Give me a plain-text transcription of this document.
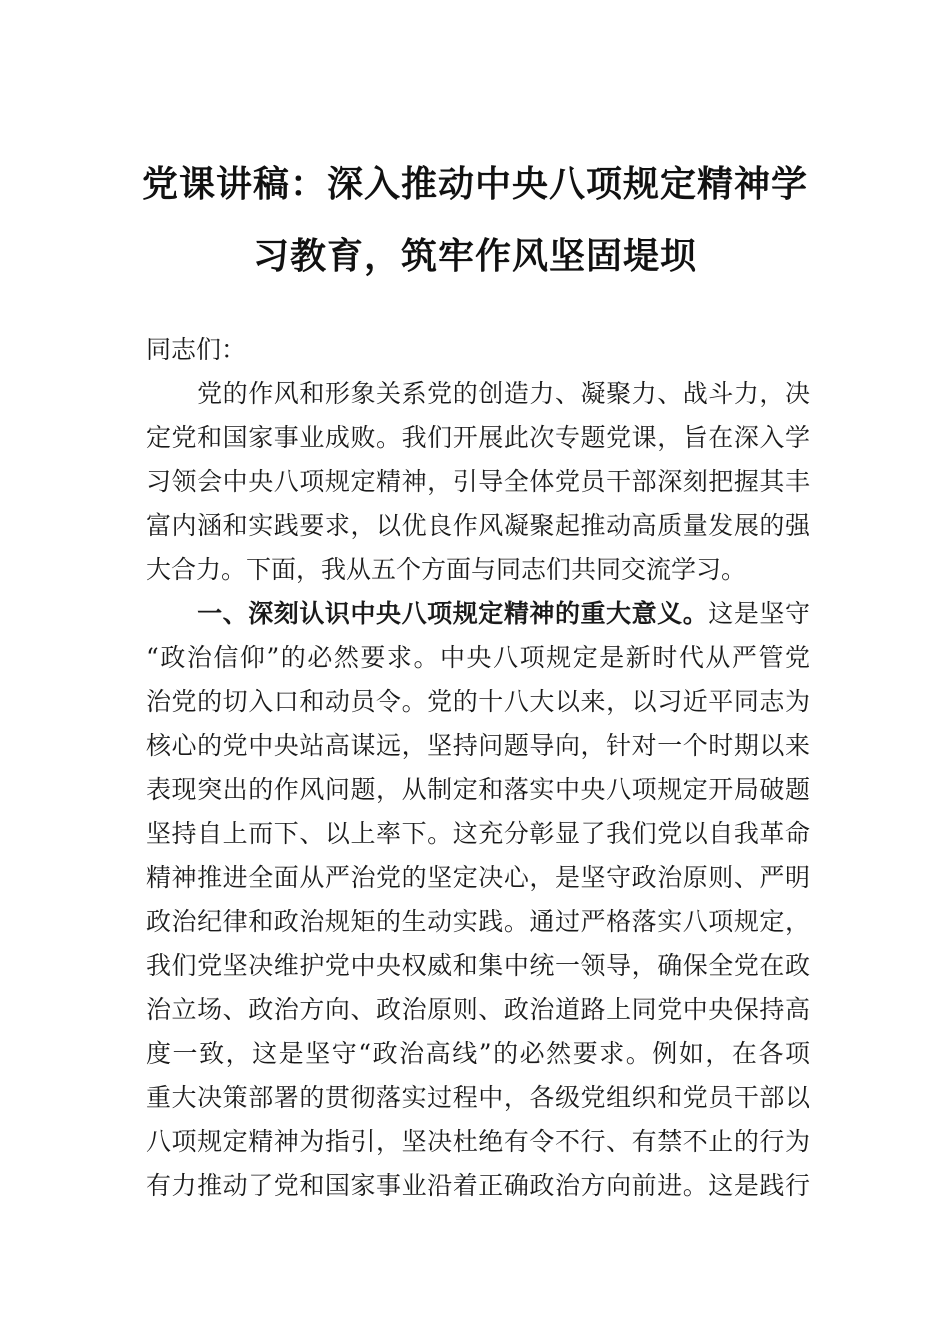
党课讲稿：深入推动中央八项规定精神学
习教育，筑牢作风坚固堤坝
同志们：
　　党的作风和形象关系党的创造力、凝聚力、战斗力，决
定党和国家事业成败。我们开展此次专题党课，旨在深入学
习领会中央八项规定精神，引导全体党员干部深刻把握其丰
富内涵和实践要求，以优良作风凝聚起推动高质量发展的强
大合力。下面，我从五个方面与同志们共同交流学习。
　　一、深刻认识中央八项规定精神的重大意义。这是坚守
“政治信仰”的必然要求。中央八项规定是新时代从严管党
治党的切入口和动员令。党的十八大以来，以习近平同志为
核心的党中央站高谋远，坚持问题导向，针对一个时期以来
表现突出的作风问题，从制定和落实中央八项规定开局破题
坚持自上而下、以上率下。这充分彰显了我们党以自我革命
精神推进全面从严治党的坚定决心，是坚守政治原则、严明
政治纪律和政治规矩的生动实践。通过严格落实八项规定，
我们党坚决维护党中央权威和集中统一领导，确保全党在政
治立场、政治方向、政治原则、政治道路上同党中央保持高
度一致，这是坚守“政治高线”的必然要求。例如，在各项
重大决策部署的贯彻落实过程中，各级党组织和党员干部以
八项规定精神为指引，坚决杜绝有令不行、有禁不止的行为
有力推动了党和国家事业沿着正确政治方向前进。这是践行
